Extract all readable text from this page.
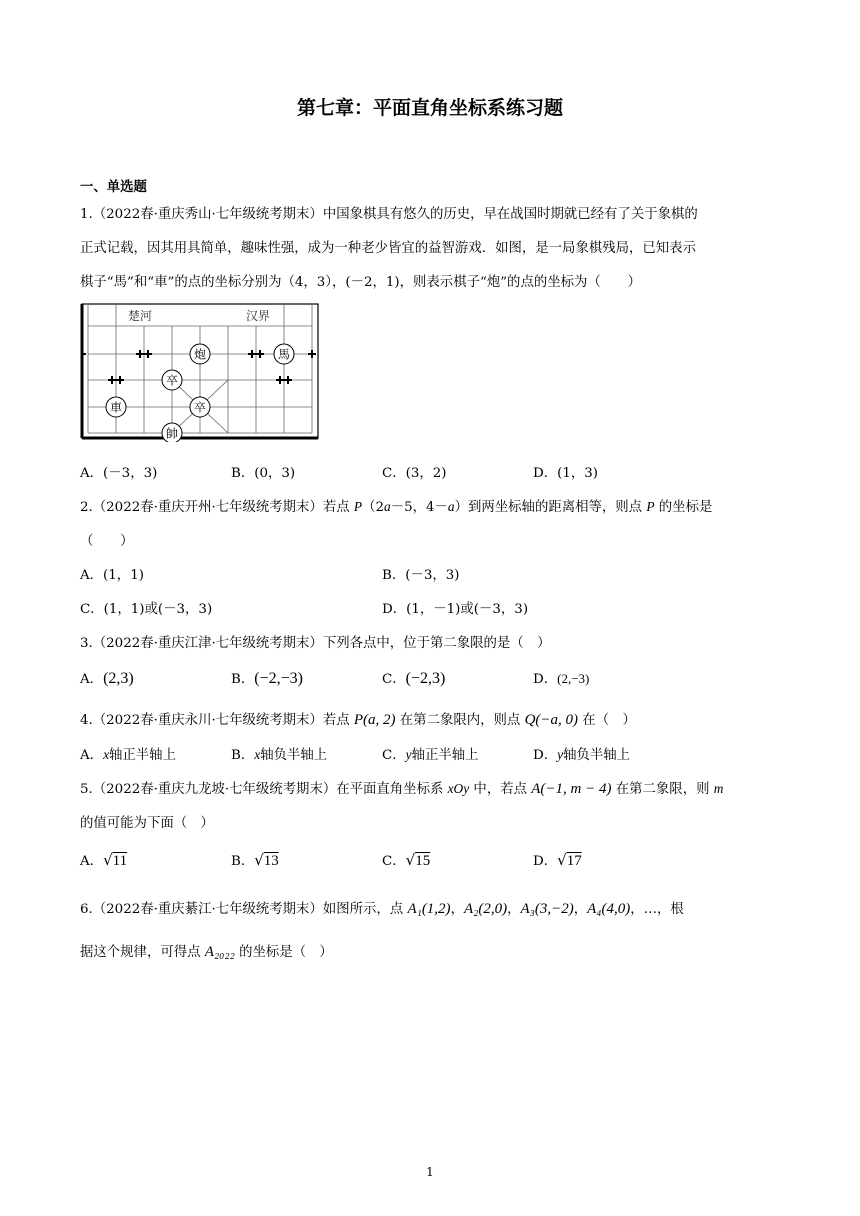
第七章：平面直角坐标系练习题
一、单选题
1.（2022春·重庆秀山·七年级统考期末）中国象棋具有悠久的历史，早在战国时期就已经有了关于象棋的
正式记载，因其用具简单，趣味性强，成为一种老少皆宜的益智游戏．如图，是一局象棋残局，已知表示
棋子“馬”和“車”的点的坐标分别为（4，3），(－2，1)，则表示棋子“炮”的点的坐标为（　　）
楚河	汉界
炮	馬
卒
車	卒
帥
A．(－3，3)	B．(0，3)	C．(3，2)	D．(1，3)
2.（2022春·重庆开州·七年级统考期末）若点 P（2a－5，4－a）到两坐标轴的距离相等，则点 P 的坐标是
（　　）
A．(1，1)	B．(－3，3)
C．(1，1)或(－3，3)	D．(1，－1)或(－3，3)
3.（2022春·重庆江津·七年级统考期末）下列各点中，位于第二象限的是（　）
A．(2,3)	B．(−2,−3)	C．(−2,3)	D．(2,−3)
4.（2022春·重庆永川·七年级统考期末）若点 P(a, 2) 在第二象限内，则点 Q(−a, 0) 在（　）
A．x轴正半轴上	B．x轴负半轴上	C．y轴正半轴上	D．y轴负半轴上
5.（2022春·重庆九龙坡·七年级统考期末）在平面直角坐标系 xOy 中，若点 A(−1, m − 4) 在第二象限，则 m
的值可能为下面（　）
A．√11	B．√13	C．√15	D．√17
6.（2022春·重庆綦江·七年级统考期末）如图所示，点 A₁(1,2)，A₂(2,0)，A₃(3,−2)，A₄(4,0)，…，根
据这个规律，可得点 A₂₀₂₂ 的坐标是（　）
1
